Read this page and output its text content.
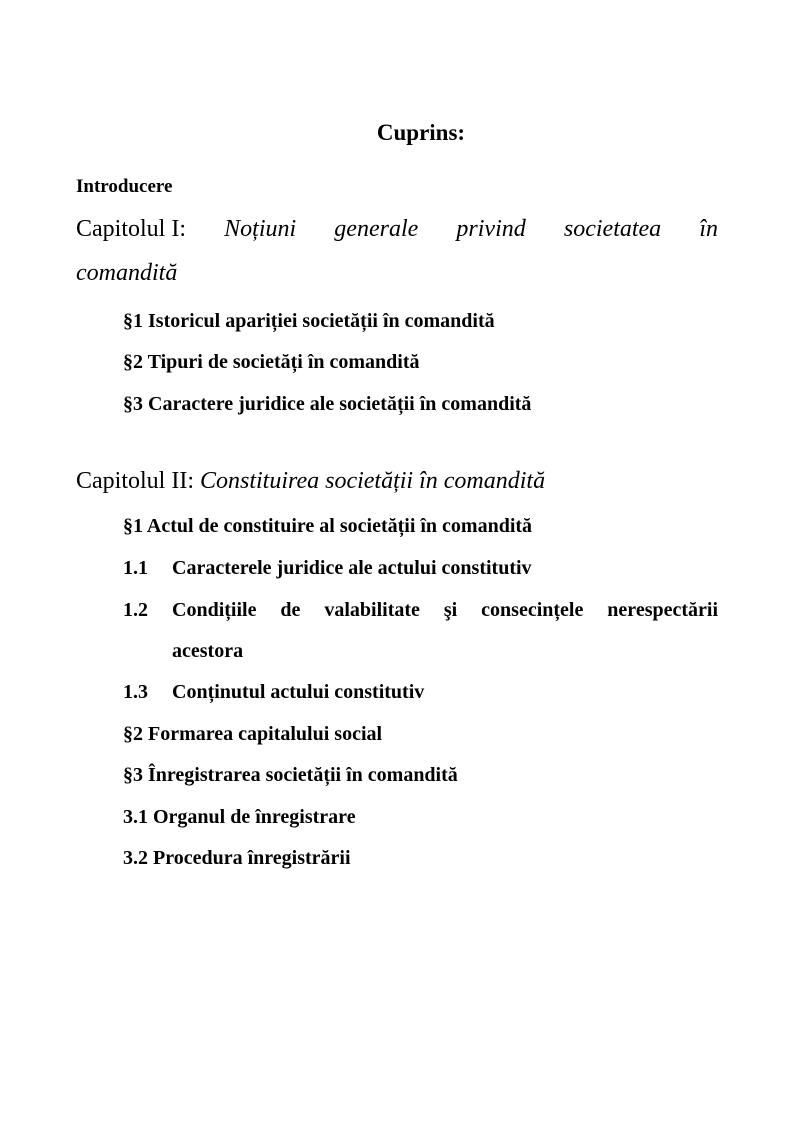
Cuprins:
Introducere
Capitolul I: Noțiuni generale privind societatea în
comandită
§1 Istoricul apariției societății în comandită
§2 Tipuri de societăți în comandită
§3 Caractere juridice ale societății în comandită
Capitolul II: Constituirea societății în comandită
§1 Actul de constituire al societății în comandită
1.1 Caracterele juridice ale actului constitutiv
1.2	Condițiile de valabilitate şi consecințele nerespectării
acestora
1.3 Conținutul actului constitutiv
§2 Formarea capitalului social
§3 Înregistrarea societății în comandită
3.1 Organul de înregistrare
3.2 Procedura înregistrării
